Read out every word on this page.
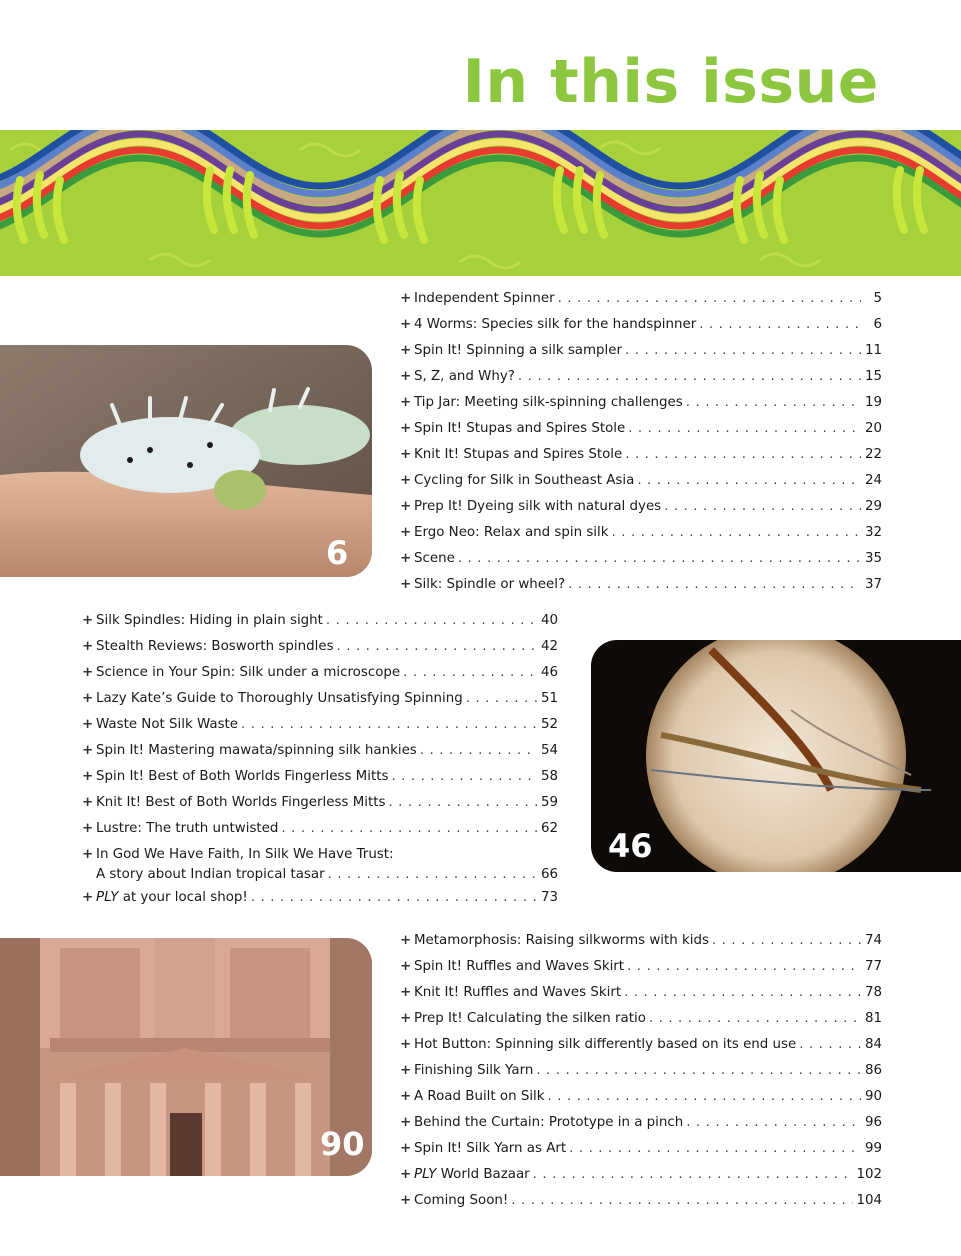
In this issue
6
+ Independent Spinner . . .	5
+ 4 Worms: Species silk for the handspinner . . .	6
+ Spin It! Spinning a silk sampler . . .	11
+ S, Z, and Why? . . .	15
+ Tip Jar: Meeting silk-spinning challenges . . .	19
+ Spin It! Stupas and Spires Stole . . .	20
+ Knit It! Stupas and Spires Stole . . .	22
+ Cycling for Silk in Southeast Asia . . .	24
+ Prep It! Dyeing silk with natural dyes . . .	29
+ Ergo Neo: Relax and spin silk . . .	32
+ Scene . . .	35
+ Silk: Spindle or wheel? . . .	37
+ Silk Spindles: Hiding in plain sight . . .	40
+ Stealth Reviews: Bosworth spindles . . .	42
+ Science in Your Spin: Silk under a microscope . . .	46
+ Lazy Kate’s Guide to Thoroughly Unsatisfying Spinning . . .	51
+ Waste Not Silk Waste . . .	52
+ Spin It! Mastering mawata/spinning silk hankies . . .	54
+ Spin It! Best of Both Worlds Fingerless Mitts . . .	58
+ Knit It! Best of Both Worlds Fingerless Mitts . . .	59
+ Lustre: The truth untwisted . . .	62
+ In God We Have Faith, In Silk We Have Trust:
A story about Indian tropical tasar . . .	66
+ PLY at your local shop! . . .	73
46
90
+ Metamorphosis: Raising silkworms with kids . . .	74
+ Spin It! Ruffles and Waves Skirt . . .	77
+ Knit It! Ruffles and Waves Skirt . . .	78
+ Prep It! Calculating the silken ratio . . .	81
+ Hot Button: Spinning silk differently based on its end use . . .	84
+ Finishing Silk Yarn . . .	86
+ A Road Built on Silk . . .	90
+ Behind the Curtain: Prototype in a pinch . . .	96
+ Spin It! Silk Yarn as Art . . .	99
+ PLY World Bazaar . . .	102
+ Coming Soon! . . .	104
